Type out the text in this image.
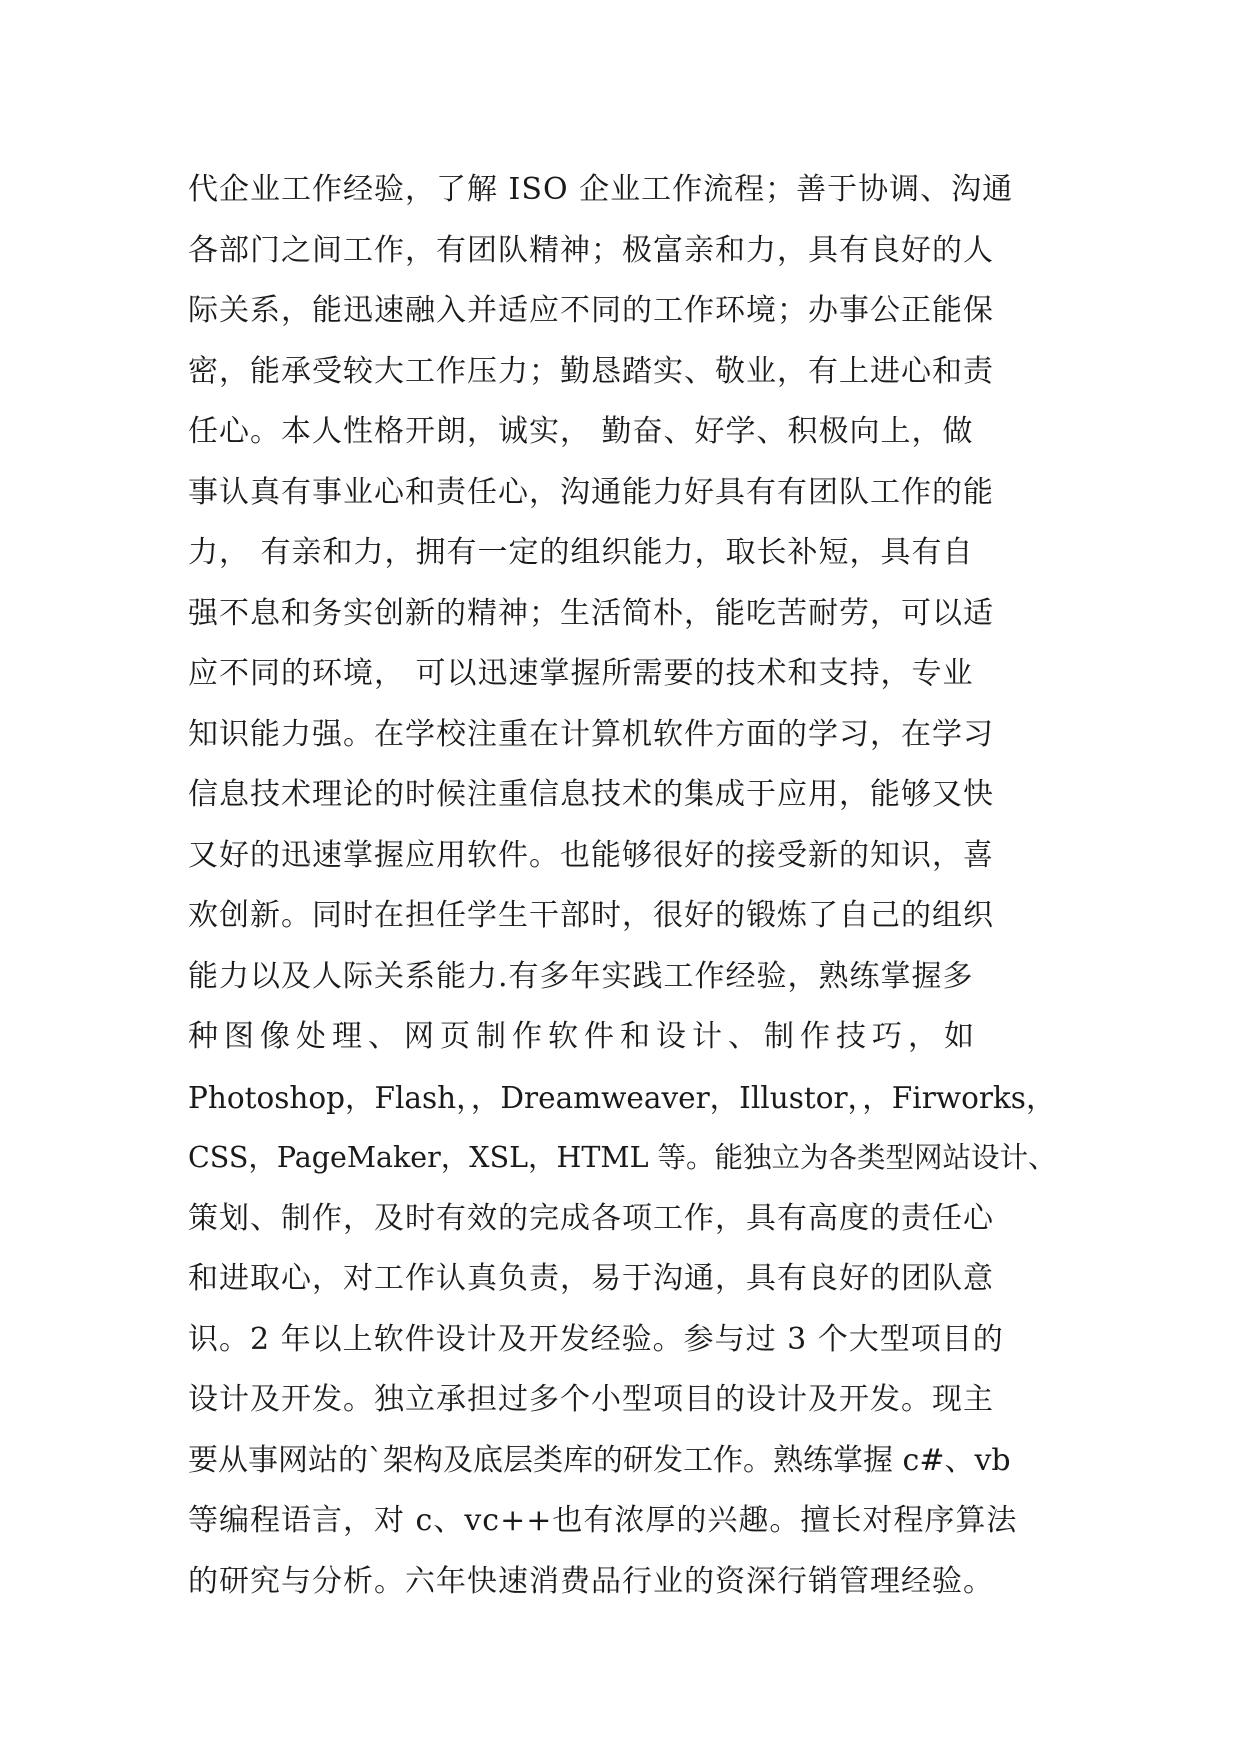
代企业工作经验，了解 ISO 企业工作流程；善于协调、沟通
各部门之间工作，有团队精神；极富亲和力，具有良好的人
际关系，能迅速融入并适应不同的工作环境；办事公正能保
密，能承受较大工作压力；勤恳踏实、敬业，有上进心和责
任心。本人性格开朗，诚实， 勤奋、好学、积极向上，做
事认真有事业心和责任心，沟通能力好具有有团队工作的能
力， 有亲和力，拥有一定的组织能力，取长补短，具有自
强不息和务实创新的精神；生活简朴，能吃苦耐劳，可以适
应不同的环境， 可以迅速掌握所需要的技术和支持，专业
知识能力强。在学校注重在计算机软件方面的学习，在学习
信息技术理论的时候注重信息技术的集成于应用，能够又快
又好的迅速掌握应用软件。也能够很好的接受新的知识，喜
欢创新。同时在担任学生干部时，很好的锻炼了自己的组织
能力以及人际关系能力.有多年实践工作经验，熟练掌握多
种图像处理、网页制作软件和设计、制作技巧，如
Photoshop，Flash，，Dreamweaver，Illustor，，Firworks，
CSS，PageMaker，XSL，HTML 等。能独立为各类型网站设计、
策划、制作，及时有效的完成各项工作，具有高度的责任心
和进取心，对工作认真负责，易于沟通，具有良好的团队意
识。2 年以上软件设计及开发经验。参与过 3 个大型项目的
设计及开发。独立承担过多个小型项目的设计及开发。现主
要从事网站的`架构及底层类库的研发工作。熟练掌握 c#、vb
等编程语言，对 c、vc++也有浓厚的兴趣。擅长对程序算法
的研究与分析。六年快速消费品行业的资深行销管理经验。
